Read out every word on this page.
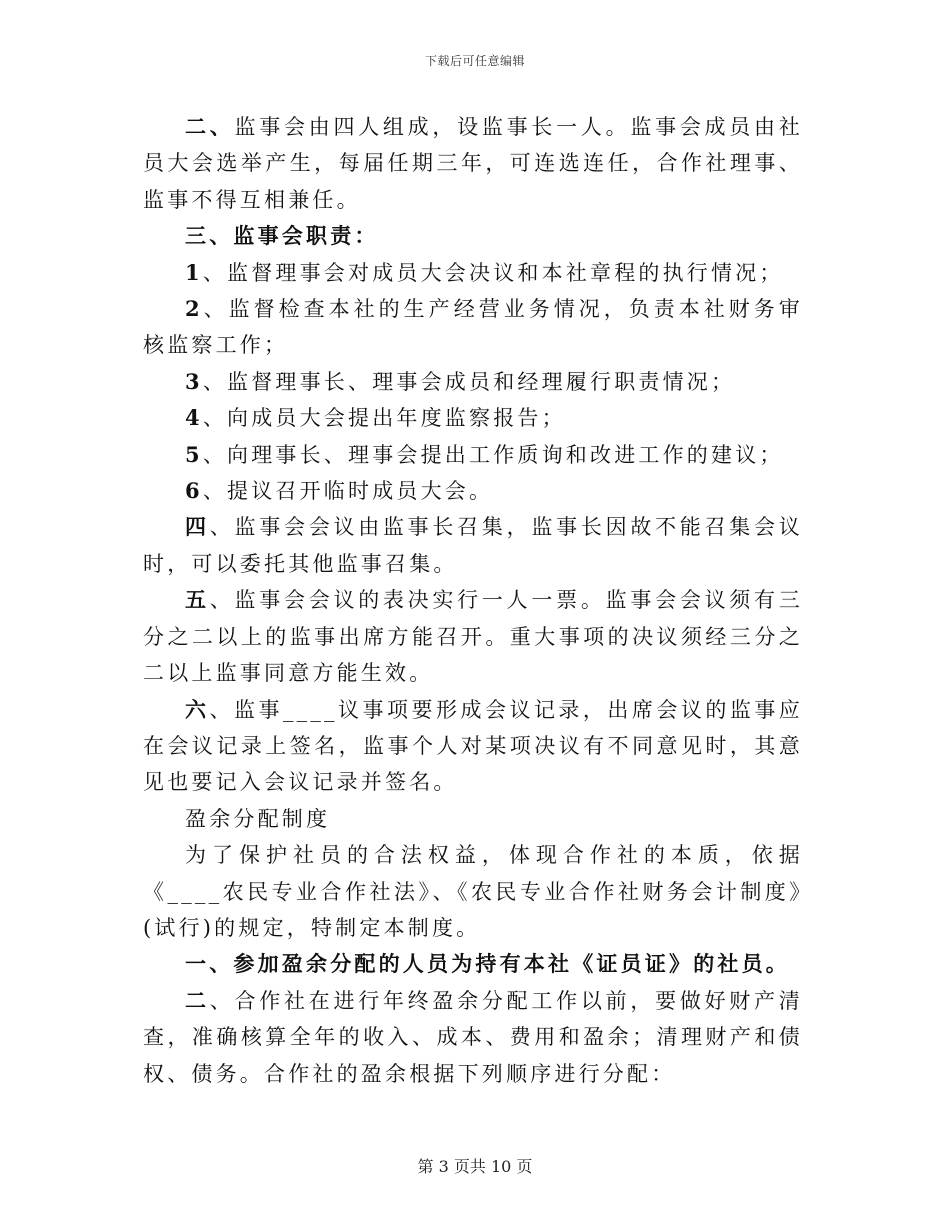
下载后可任意编辑

二、监事会由四人组成，设监事长一人。监事会成员由社员大会选举产生，每届任期三年，可连选连任，合作社理事、监事不得互相兼任。

三、监事会职责：

1、监督理事会对成员大会决议和本社章程的执行情况；

2、监督检查本社的生产经营业务情况，负责本社财务审核监察工作；

3、监督理事长、理事会成员和经理履行职责情况；

4、向成员大会提出年度监察报告；

5、向理事长、理事会提出工作质询和改进工作的建议；

6、提议召开临时成员大会。

四、监事会会议由监事长召集，监事长因故不能召集会议时，可以委托其他监事召集。

五、监事会会议的表决实行一人一票。监事会会议须有三分之二以上的监事出席方能召开。重大事项的决议须经三分之二以上监事同意方能生效。

六、监事____议事项要形成会议记录，出席会议的监事应在会议记录上签名，监事个人对某项决议有不同意见时，其意见也要记入会议记录并签名。

盈余分配制度

为了保护社员的合法权益，体现合作社的本质，依据《____农民专业合作社法》、《农民专业合作社财务会计制度》(试行)的规定，特制定本制度。

一、参加盈余分配的人员为持有本社《证员证》的社员。

二、合作社在进行年终盈余分配工作以前，要做好财产清查，准确核算全年的收入、成本、费用和盈余；清理财产和债权、债务。合作社的盈余根据下列顺序进行分配：

第 3 页共 10 页
